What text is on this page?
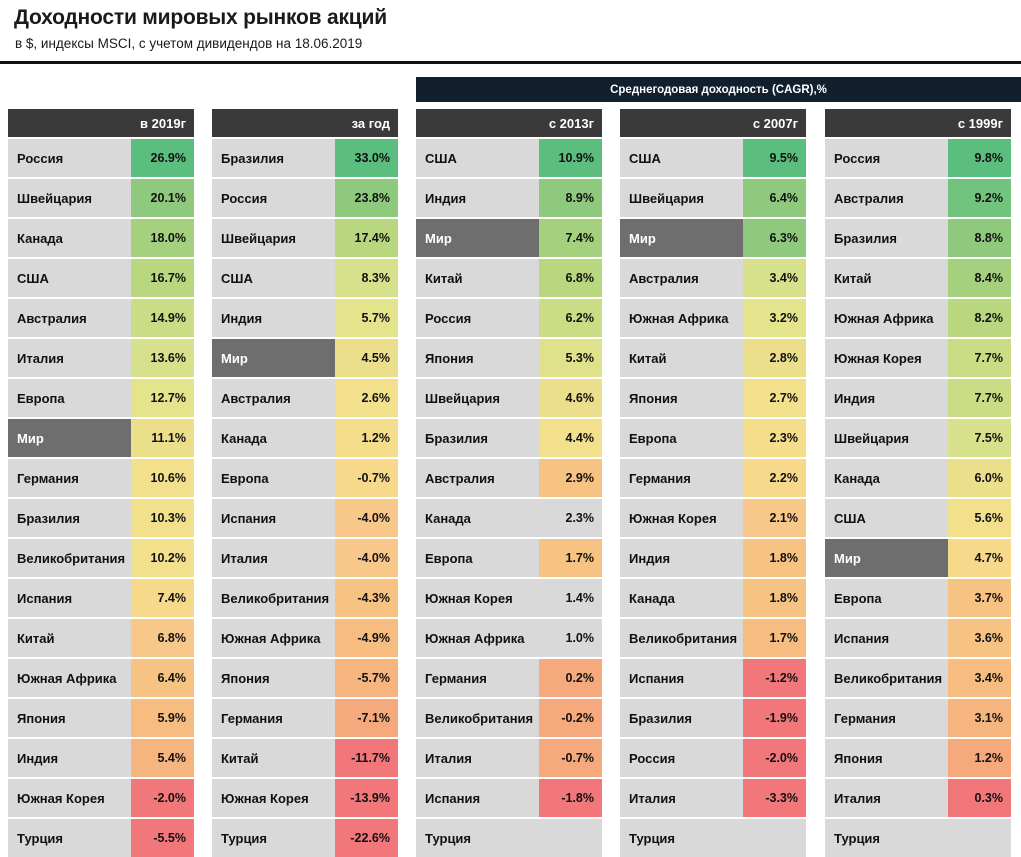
Доходности мировых рынков акций
в $, индексы MSCI, с учетом дивидендов на 18.06.2019
Среднегодовая доходность (CAGR),%
в 2019г
Россия	26.9%
Швейцария	20.1%
Канада	18.0%
США	16.7%
Австралия	14.9%
Италия	13.6%
Европа	12.7%
Мир	11.1%
Германия	10.6%
Бразилия	10.3%
Великобритания	10.2%
Испания	7.4%
Китай	6.8%
Южная Африка	6.4%
Япония	5.9%
Индия	5.4%
Южная Корея	-2.0%
Турция	-5.5%
за год
Бразилия	33.0%
Россия	23.8%
Швейцария	17.4%
США	8.3%
Индия	5.7%
Мир	4.5%
Австралия	2.6%
Канада	1.2%
Европа	-0.7%
Испания	-4.0%
Италия	-4.0%
Великобритания	-4.3%
Южная Африка	-4.9%
Япония	-5.7%
Германия	-7.1%
Китай	-11.7%
Южная Корея	-13.9%
Турция	-22.6%
с 2013г
США	10.9%
Индия	8.9%
Мир	7.4%
Китай	6.8%
Россия	6.2%
Япония	5.3%
Швейцария	4.6%
Бразилия	4.4%
Австралия	2.9%
Канада	2.3%
Европа	1.7%
Южная Корея	1.4%
Южная Африка	1.0%
Германия	0.2%
Великобритания	-0.2%
Италия	-0.7%
Испания	-1.8%
Турция
с 2007г
США	9.5%
Швейцария	6.4%
Мир	6.3%
Австралия	3.4%
Южная Африка	3.2%
Китай	2.8%
Япония	2.7%
Европа	2.3%
Германия	2.2%
Южная Корея	2.1%
Индия	1.8%
Канада	1.8%
Великобритания	1.7%
Испания	-1.2%
Бразилия	-1.9%
Россия	-2.0%
Италия	-3.3%
Турция
с 1999г
Россия	9.8%
Австралия	9.2%
Бразилия	8.8%
Китай	8.4%
Южная Африка	8.2%
Южная Корея	7.7%
Индия	7.7%
Швейцария	7.5%
Канада	6.0%
США	5.6%
Мир	4.7%
Европа	3.7%
Испания	3.6%
Великобритания	3.4%
Германия	3.1%
Япония	1.2%
Италия	0.3%
Турция
